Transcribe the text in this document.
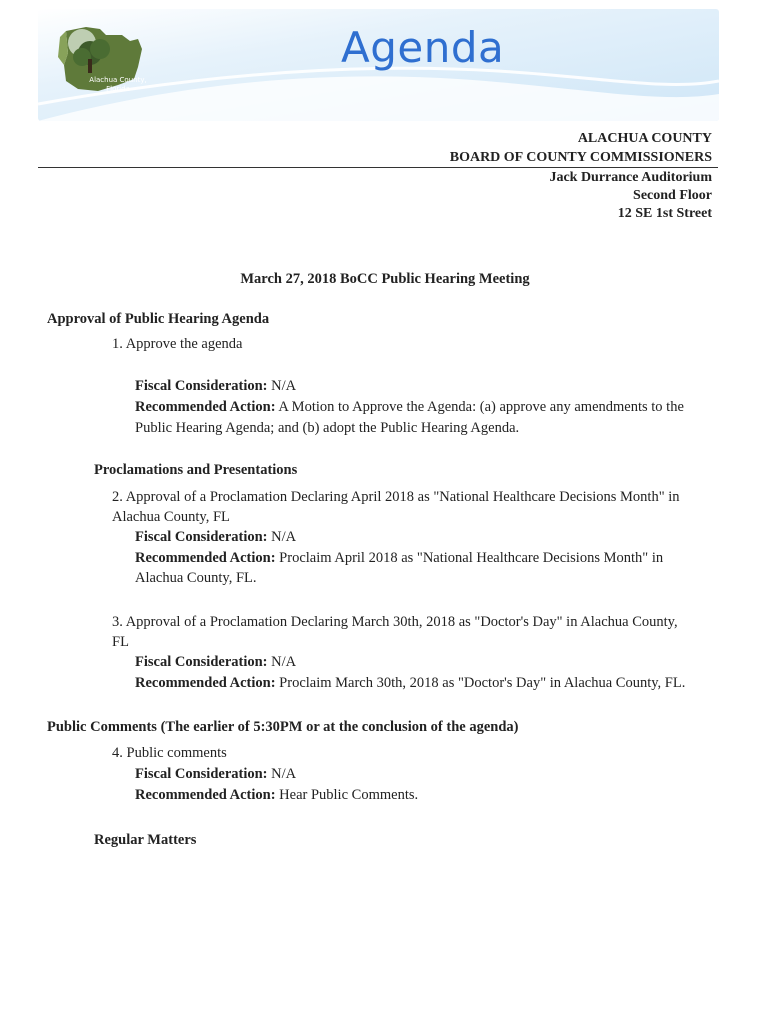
Agenda
Alachua County, Florida
ALACHUA COUNTY
BOARD OF COUNTY COMMISSIONERS
Jack Durrance Auditorium
Second Floor
12 SE 1st Street
March 27, 2018 BoCC Public Hearing Meeting
Approval of Public Hearing Agenda
1. Approve the agenda
Fiscal Consideration: N/A
Recommended Action: A Motion to Approve the Agenda: (a) approve any amendments to the
Public Hearing Agenda; and (b) adopt the Public Hearing Agenda.
Proclamations and Presentations
2. Approval of a Proclamation Declaring April 2018 as "National Healthcare Decisions Month" in
Alachua County, FL
Fiscal Consideration: N/A
Recommended Action: Proclaim April 2018 as "National Healthcare Decisions Month" in
Alachua County, FL.
3. Approval of a Proclamation Declaring March 30th, 2018 as "Doctor's Day" in Alachua County,
FL
Fiscal Consideration: N/A
Recommended Action: Proclaim March 30th, 2018 as "Doctor's Day" in Alachua County, FL.
Public Comments (The earlier of 5:30PM or at the conclusion of the agenda)
4. Public comments
Fiscal Consideration: N/A
Recommended Action: Hear Public Comments.
Regular Matters
